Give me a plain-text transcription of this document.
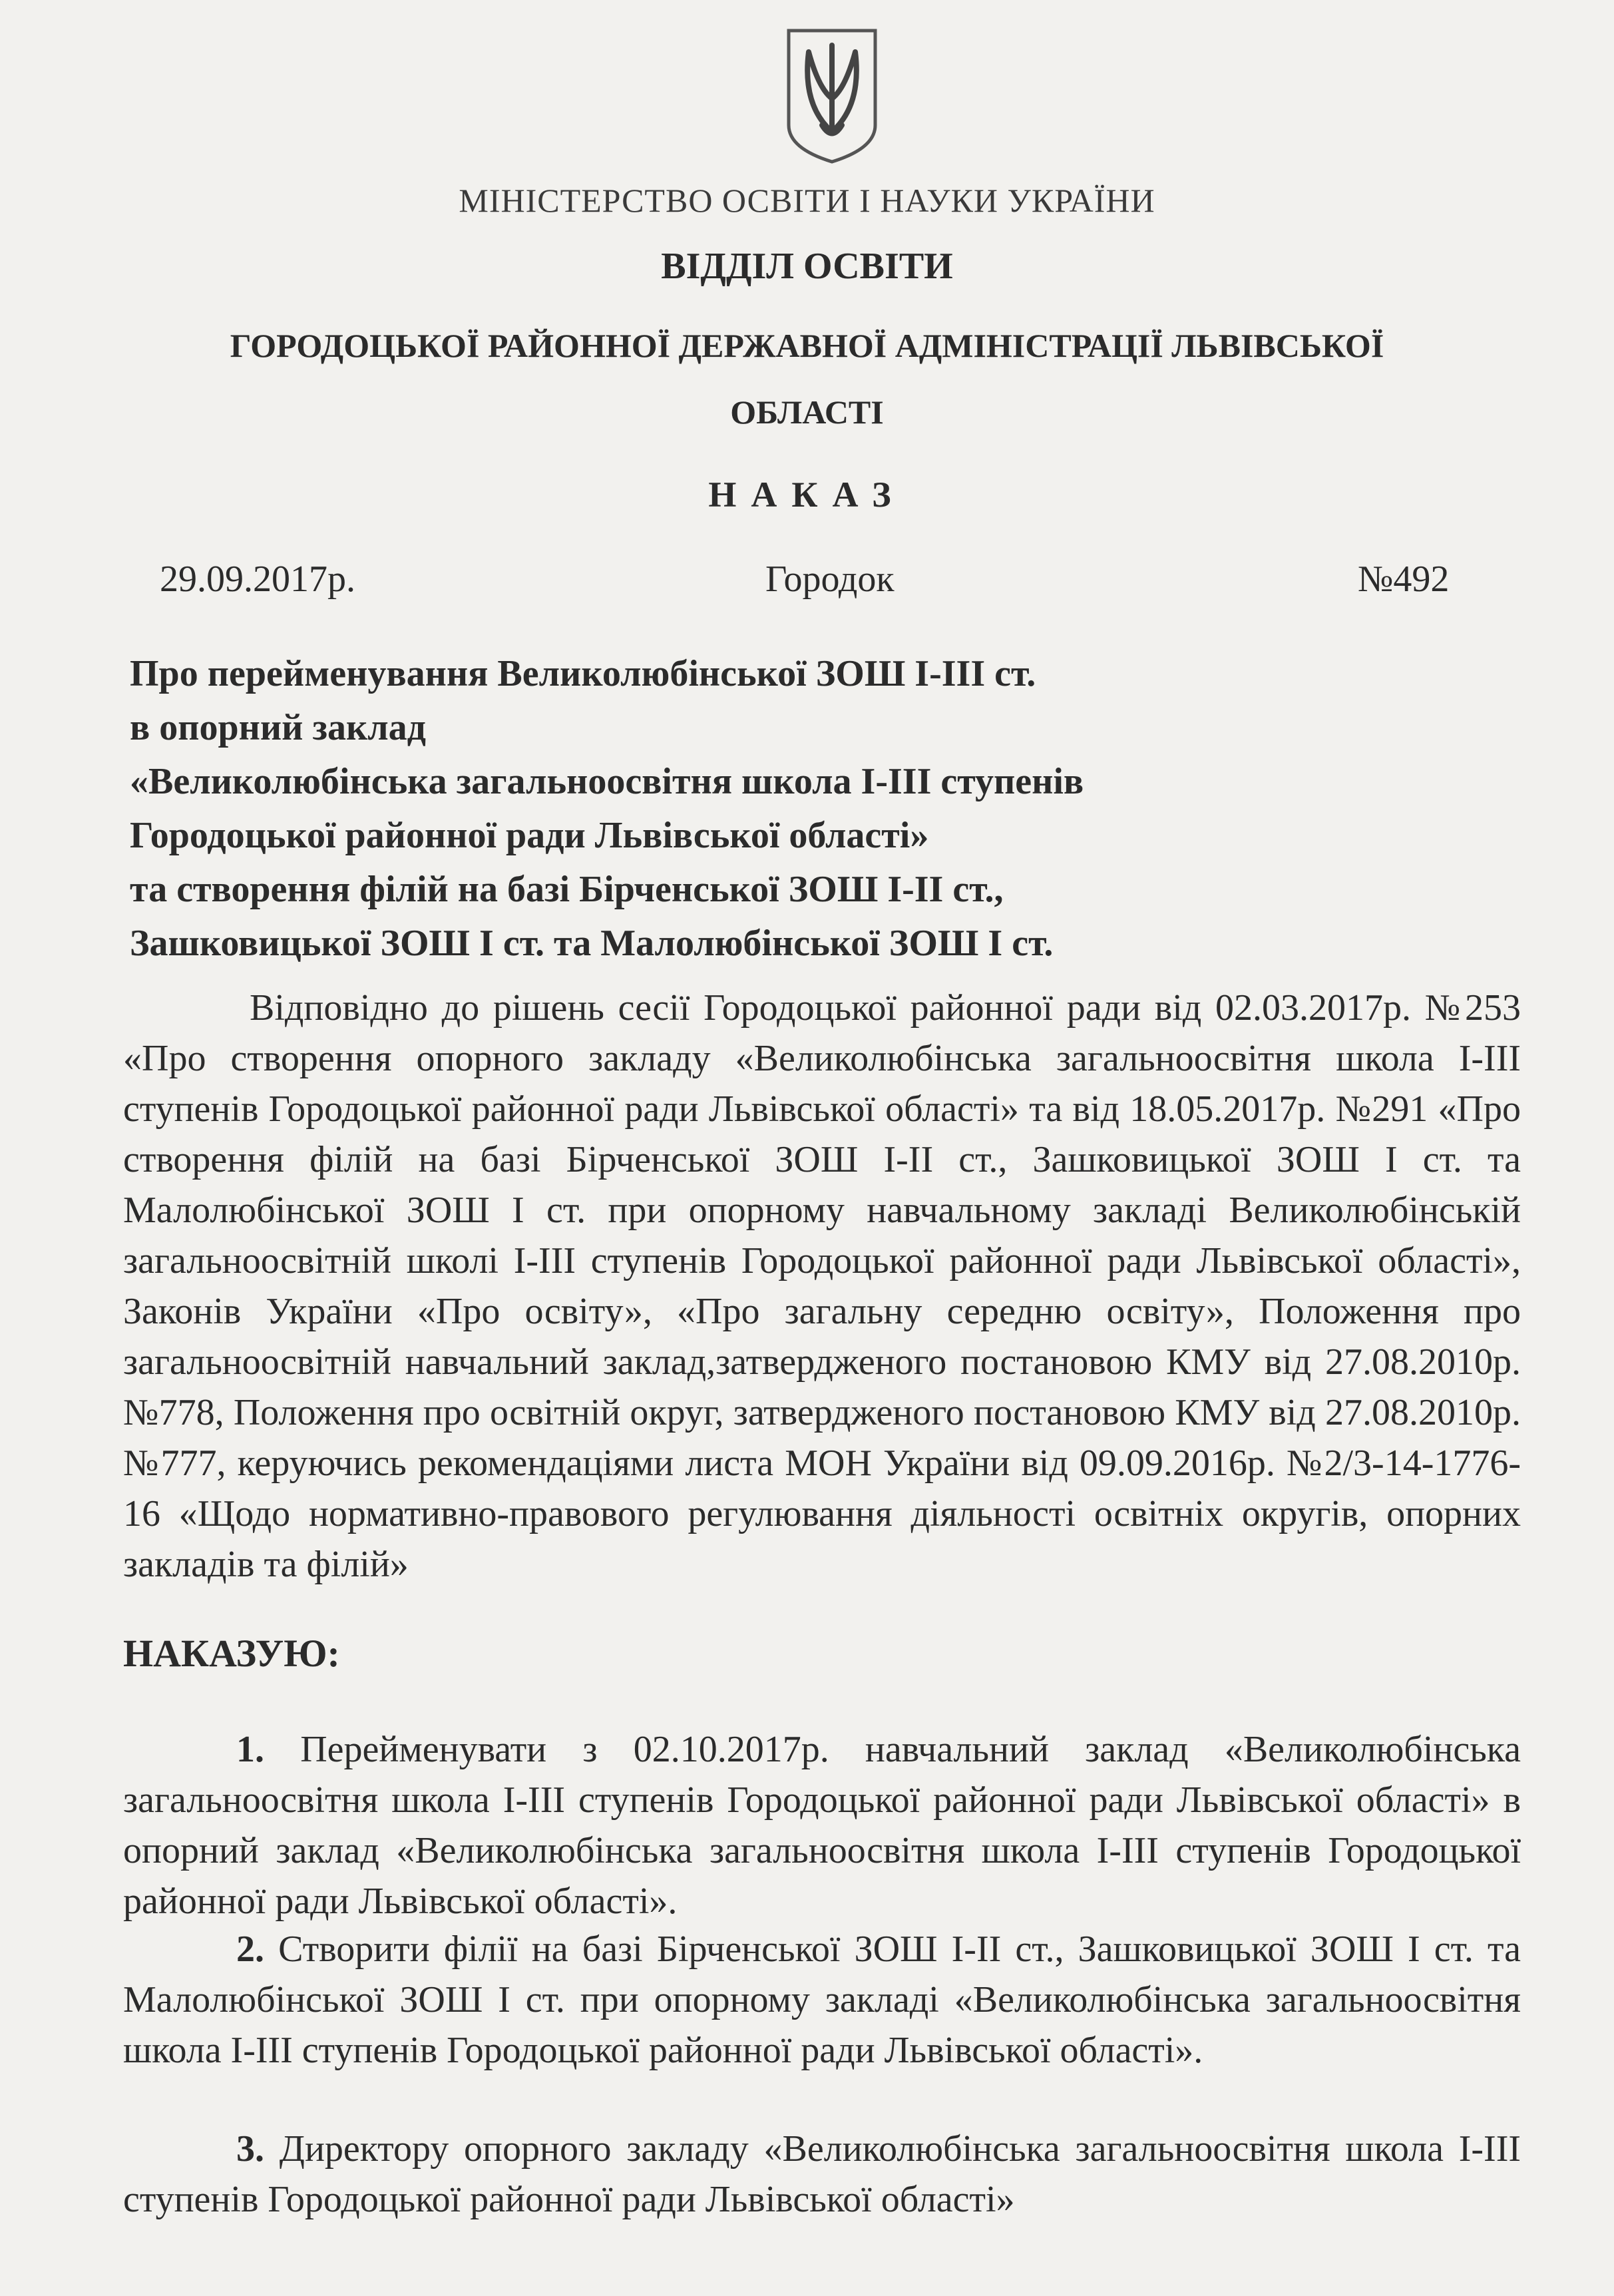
МІНІСТЕРСТВО ОСВІТИ І НАУКИ УКРАЇНИ
ВІДДІЛ ОСВІТИ
ГОРОДОЦЬКОЇ РАЙОННОЇ ДЕРЖАВНОЇ АДМІНІСТРАЦІЇ ЛЬВІВСЬКОЇ
ОБЛАСТІ
НАКАЗ
29.09.2017р.	Городок	№492
Про перейменування Великолюбінської ЗОШ І-ІІІ ст.
в опорний заклад
«Великолюбінська загальноосвітня школа І-ІІІ ступенів
Городоцької районної ради Львівської області»
та створення філій на базі Бірченської ЗОШ І-ІІ ст.,
Зашковицької ЗОШ І ст. та Малолюбінської ЗОШ І ст.
Відповідно до рішень сесії Городоцької районної ради від 02.03.2017р. №253 «Про створення опорного закладу «Великолюбінська загальноосвітня школа І-ІІІ ступенів Городоцької районної ради Львівської області» та від 18.05.2017р. №291 «Про створення філій на базі Бірченської ЗОШ І-ІІ ст., Зашковицької ЗОШ І ст. та Малолюбінської ЗОШ І ст. при опорному навчальному закладі Великолюбінській загальноосвітній школі І-ІІІ ступенів Городоцької районної ради Львівської області», Законів України «Про освіту», «Про загальну середню освіту», Положення про загальноосвітній навчальний заклад,затвердженого постановою КМУ від 27.08.2010р. №778, Положення про освітній округ, затвердженого постановою КМУ від 27.08.2010р. №777, керуючись рекомендаціями листа МОН України від 09.09.2016р. №2/3-14-1776-16 «Щодо нормативно-правового регулювання діяльності освітніх округів, опорних закладів та філій»
НАКАЗУЮ:
1. Перейменувати з 02.10.2017р. навчальний заклад «Великолюбінська загальноосвітня школа І-ІІІ ступенів Городоцької районної ради Львівської області» в опорний заклад «Великолюбінська загальноосвітня школа І-ІІІ ступенів Городоцької районної ради Львівської області».
2. Створити філії на базі Бірченської ЗОШ І-ІІ ст., Зашковицької ЗОШ І ст. та Малолюбінської ЗОШ І ст. при опорному закладі «Великолюбінська загальноосвітня школа І-ІІІ ступенів Городоцької районної ради Львівської області».
3. Директору опорного закладу «Великолюбінська загальноосвітня школа І-ІІІ ступенів Городоцької районної ради Львівської області»
